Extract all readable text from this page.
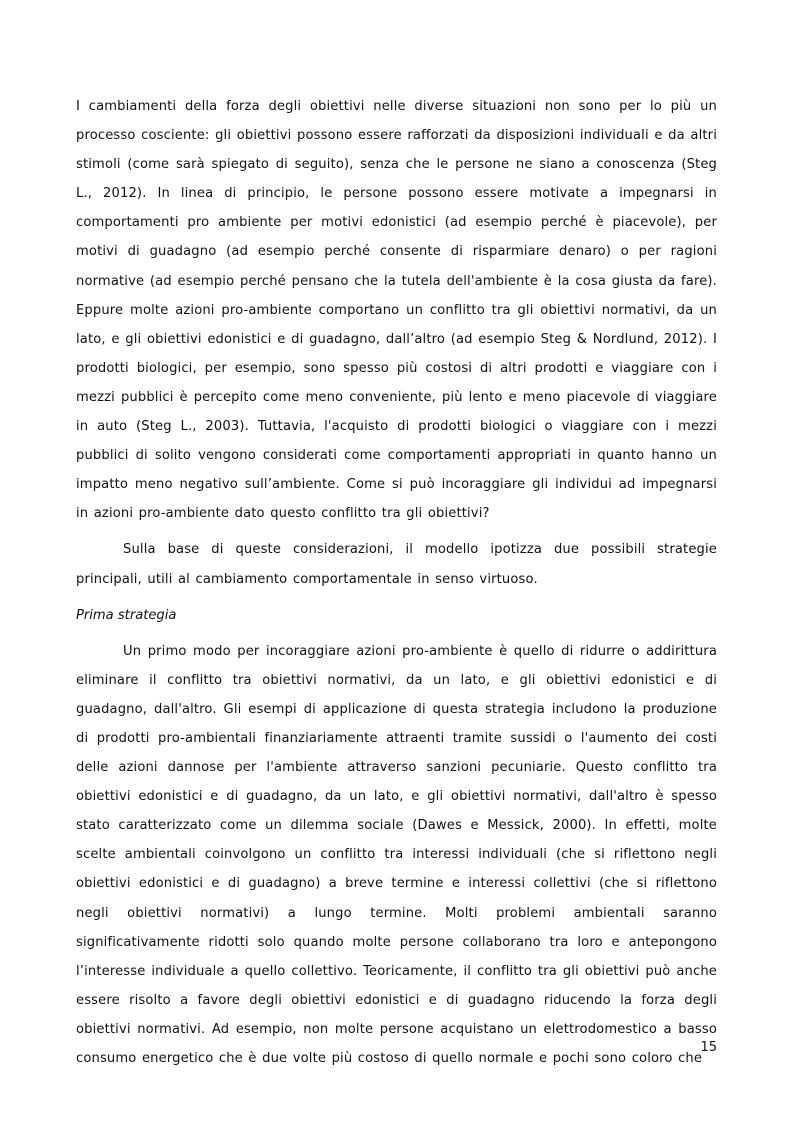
I cambiamenti della forza degli obiettivi nelle diverse situazioni non sono per lo più un processo cosciente: gli obiettivi possono essere rafforzati da disposizioni individuali e da altri stimoli (come sarà spiegato di seguito), senza che le persone ne siano a conoscenza (Steg L., 2012). In linea di principio, le persone possono essere motivate a impegnarsi in comportamenti pro ambiente per motivi edonistici (ad esempio perché è piacevole), per motivi di guadagno (ad esempio perché consente di risparmiare denaro) o per ragioni normative (ad esempio perché pensano che la tutela dell'ambiente è la cosa giusta da fare). Eppure molte azioni pro-ambiente comportano un conflitto tra gli obiettivi normativi, da un lato, e gli obiettivi edonistici e di guadagno, dall’altro (ad esempio Steg & Nordlund, 2012). I prodotti biologici, per esempio, sono spesso più costosi di altri prodotti e viaggiare con i mezzi pubblici è percepito come meno conveniente, più lento e meno piacevole di viaggiare in auto (Steg L., 2003). Tuttavia, l'acquisto di prodotti biologici o viaggiare con i mezzi pubblici di solito vengono considerati come comportamenti appropriati in quanto hanno un impatto meno negativo sull’ambiente. Come si può incoraggiare gli individui ad impegnarsi in azioni pro-ambiente dato questo conflitto tra gli obiettivi?

Sulla base di queste considerazioni, il modello ipotizza due possibili strategie principali, utili al cambiamento comportamentale in senso virtuoso.

Prima strategia

Un primo modo per incoraggiare azioni pro-ambiente è quello di ridurre o addirittura eliminare il conflitto tra obiettivi normativi, da un lato, e gli obiettivi edonistici e di guadagno, dall'altro. Gli esempi di applicazione di questa strategia includono la produzione di prodotti pro-ambientali finanziariamente attraenti tramite sussidi o l'aumento dei costi delle azioni dannose per l'ambiente attraverso sanzioni pecuniarie. Questo conflitto tra obiettivi edonistici e di guadagno, da un lato, e gli obiettivi normativi, dall'altro è spesso stato caratterizzato come un dilemma sociale (Dawes e Messick, 2000). In effetti, molte scelte ambientali coinvolgono un conflitto tra interessi individuali (che si riflettono negli obiettivi edonistici e di guadagno) a breve termine e interessi collettivi (che si riflettono negli obiettivi normativi) a lungo termine. Molti problemi ambientali saranno significativamente ridotti solo quando molte persone collaborano tra loro e antepongono l’interesse individuale a quello collettivo. Teoricamente, il conflitto tra gli obiettivi può anche essere risolto a favore degli obiettivi edonistici e di guadagno riducendo la forza degli obiettivi normativi. Ad esempio, non molte persone acquistano un elettrodomestico a basso consumo energetico che è due volte più costoso di quello normale e pochi sono coloro che

15
